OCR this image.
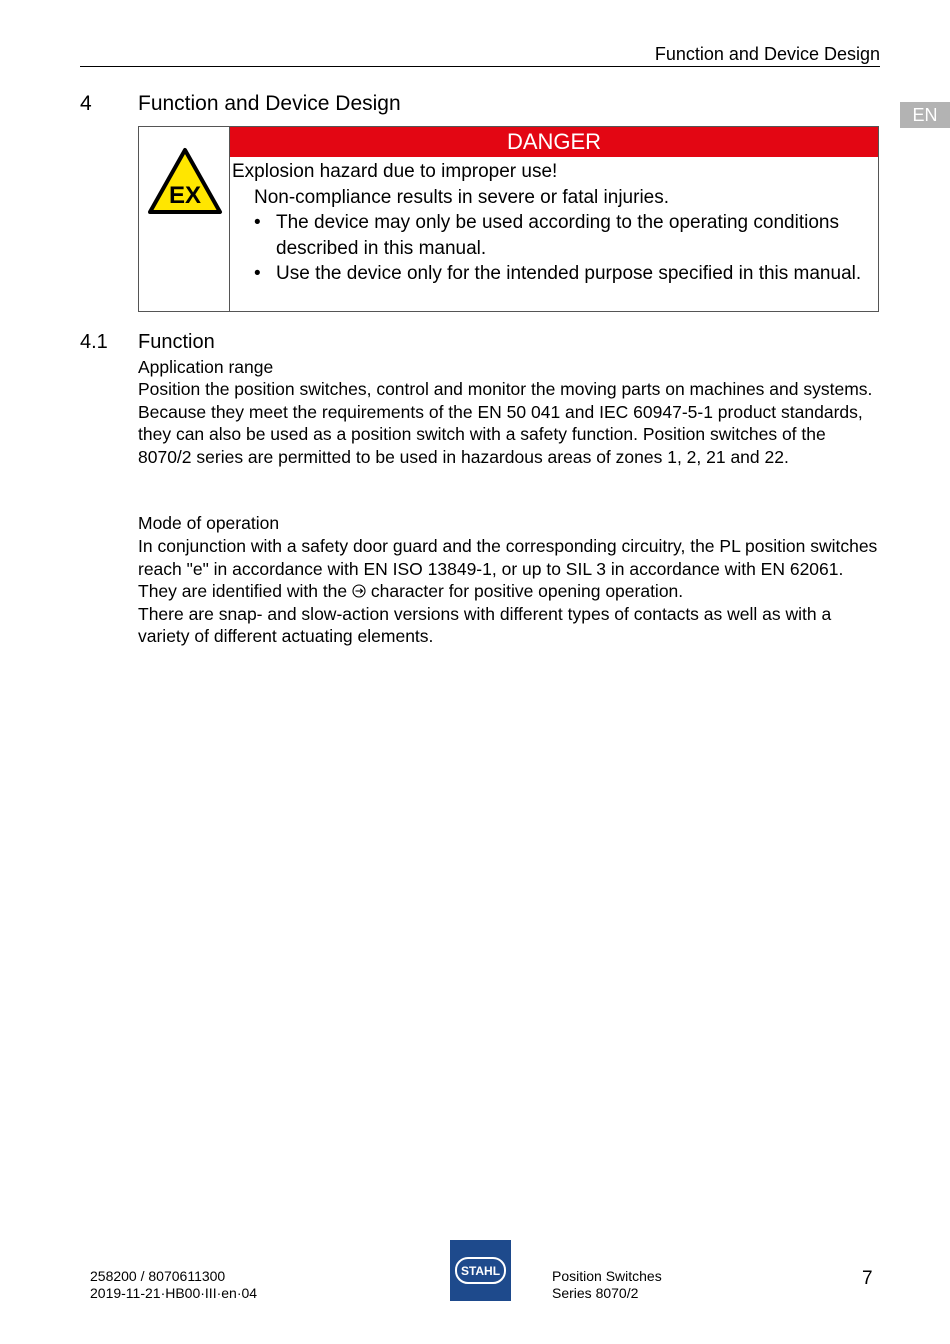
Function and Device Design
EN
4 Function and Device Design
EX
DANGER
Explosion hazard due to improper use!
Non-compliance results in severe or fatal injuries.
• The device may only be used according to the operating conditions described in this manual.
• Use the device only for the intended purpose specified in this manual.
4.1 Function
Application range
Position the position switches, control and monitor the moving parts on machines and systems. Because they meet the requirements of the EN 50 041 and IEC 60947-5-1 product standards, they can also be used as a position switch with a safety function. Position switches of the 8070/2 series are permitted to be used in hazardous areas of zones 1, 2, 21 and 22.
Mode of operation
In conjunction with a safety door guard and the corresponding circuitry, the PL position switches reach "e" in accordance with EN ISO 13849-1, or up to SIL 3 in accordance with EN 62061.
They are identified with the  character for positive opening operation.
There are snap- and slow-action versions with different types of contacts as well as with a variety of different actuating elements.
258200 / 8070611300
2019-11-21·HB00·III·en·04
STAHL	Position Switches
Series 8070/2
7
